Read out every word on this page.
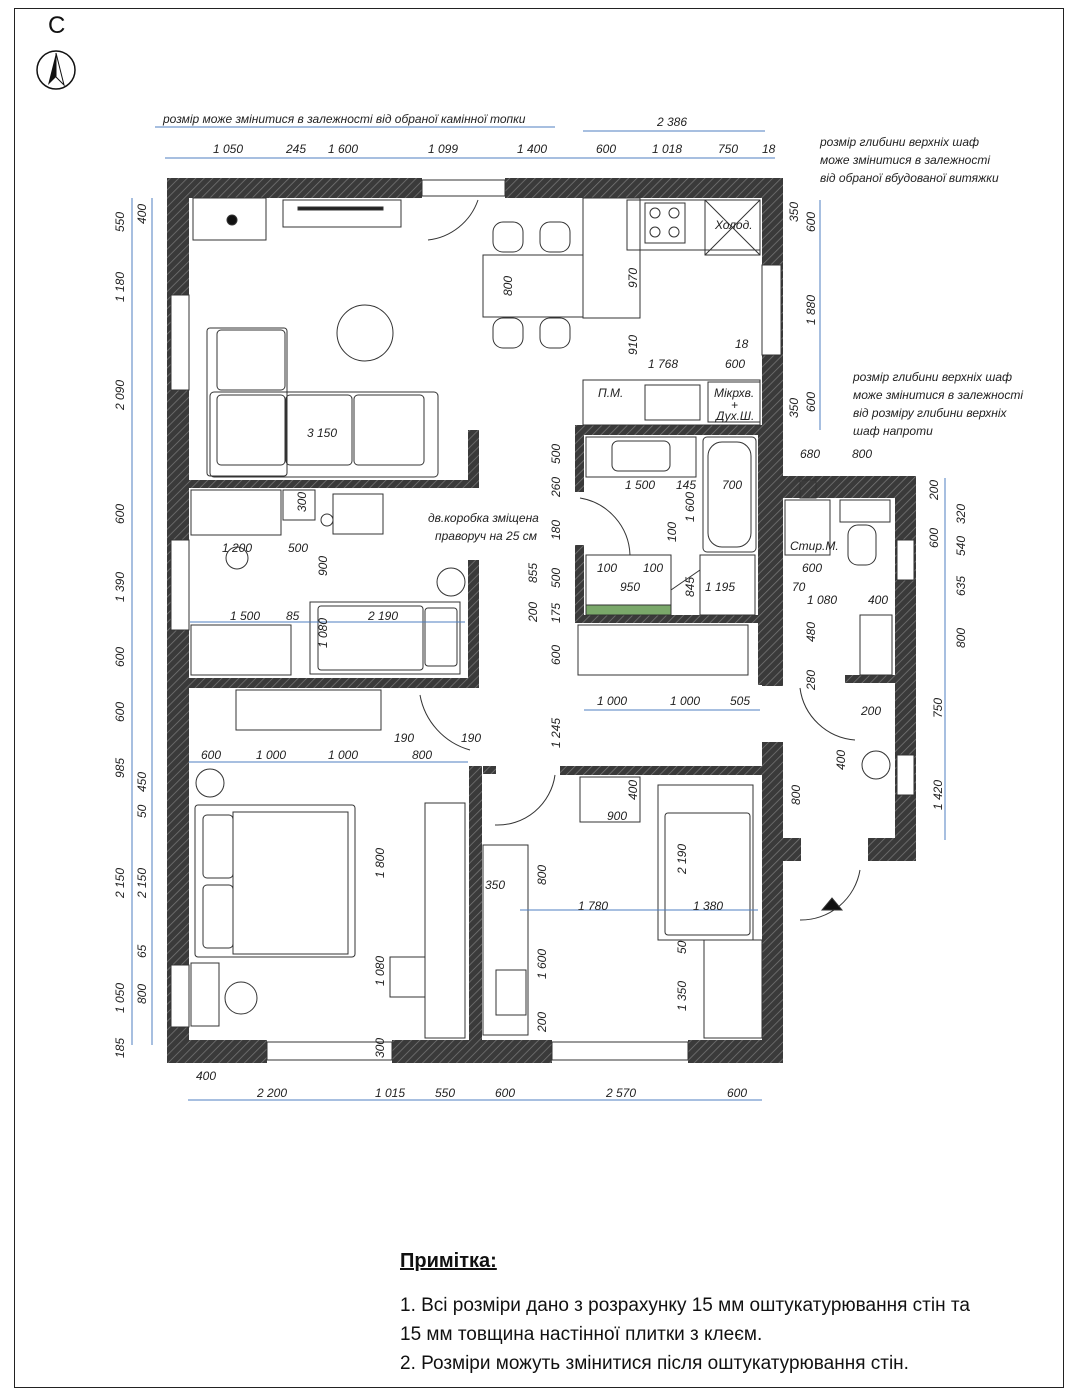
С
розмір може змінитися в залежності від обраної камінної топки
розмір глибини верхніх шаф
може змінитися в залежності
від обраної вбудованої витяжки
розмір глибини верхніх шаф
може змінитися в залежності
від розміру глибини верхніх
шаф напроти
дв.коробка зміщена
праворуч на 25 см
Холод.
П.М.	Мікрхв.
+
Дух.Ш.
Стир.М.
1 050	245 1 600	1 099	1 400	600	1 018	750 18
2 386
400
2 200	1 015 550	600	2 570	600
550
1 180
2 090
600
1 390
600
600
985
2 150
1 050
185
400
450
50
2 150
65
800
350 600
1 880
600
350
200
320
540
600
635
800
750
1 420
800	970
910
1 768	600
18
3 150
500
260	1 500 145 700
180
1 600
100
855 500	100 100
950	845 1 195
200 175
600
1 245
680	800
600
70
1 080	400
480
280
200
400
800
300
1 200	500
900
1 500 85	2 190
1 080
1 000	1 000 505
600	1 000	1 000
190
800
190
1 800
1 080
300
400
900
800
350
1 780	1 380
2 190
1 600
200
50
1 350
Примітка:
1. Всі розміри дано з розрахунку 15 мм оштукатурювання стін та
15 мм товщина настінної плитки з клеєм.
2. Розміри можуть змінитися після оштукатурювання стін.
